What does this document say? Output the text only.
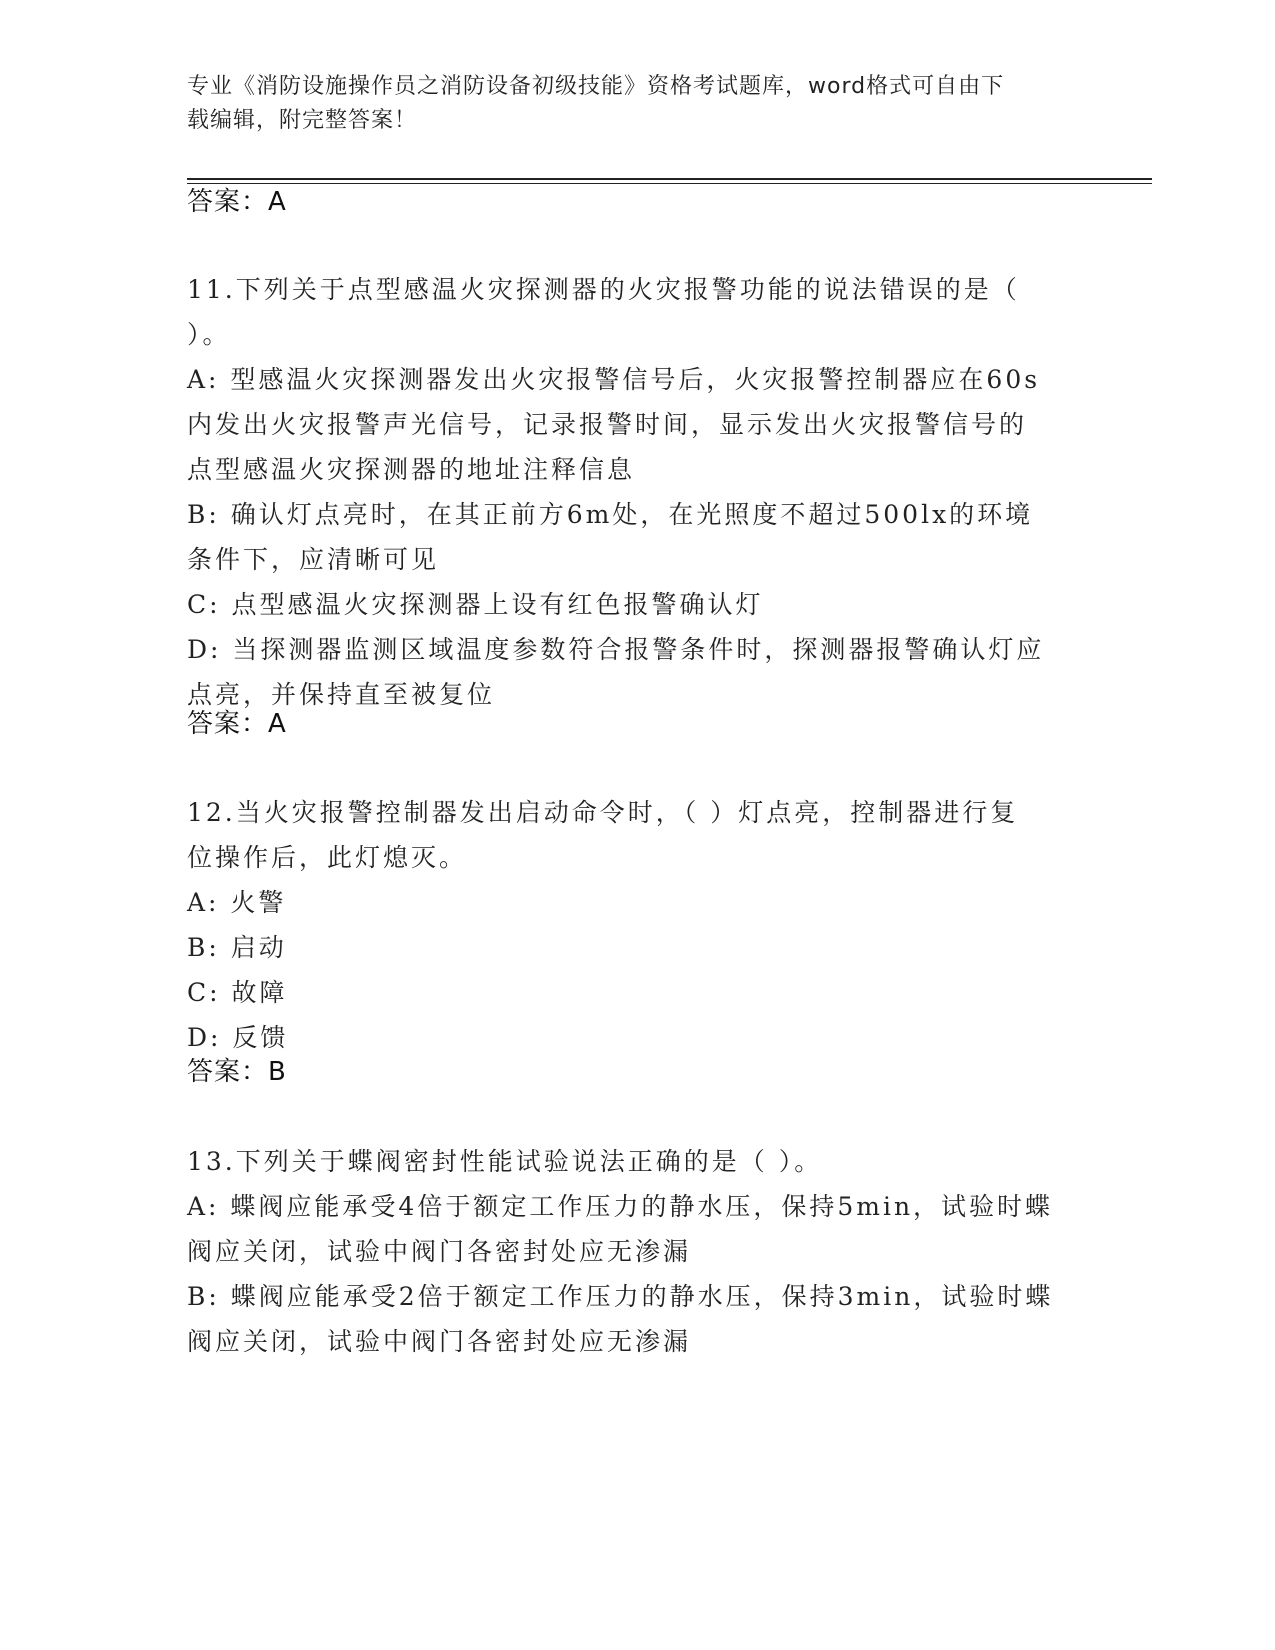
专业《消防设施操作员之消防设备初级技能》资格考试题库，word格式可自由下
载编辑，附完整答案！
答案：A
11.下列关于点型感温火灾探测器的火灾报警功能的说法错误的是（
）。
A: 型感温火灾探测器发出火灾报警信号后，火灾报警控制器应在60s
内发出火灾报警声光信号，记录报警时间，显示发出火灾报警信号的
点型感温火灾探测器的地址注释信息
B: 确认灯点亮时，在其正前方6m处，在光照度不超过500lx的环境
条件下，应清晰可见
C: 点型感温火灾探测器上设有红色报警确认灯
D: 当探测器监测区域温度参数符合报警条件时，探测器报警确认灯应
点亮，并保持直至被复位
答案：A
12.当火灾报警控制器发出启动命令时，（ ）灯点亮，控制器进行复
位操作后，此灯熄灭。
A: 火警
B: 启动
C: 故障
D: 反馈
答案：B
13.下列关于蝶阀密封性能试验说法正确的是（ ）。
A: 蝶阀应能承受4倍于额定工作压力的静水压，保持5min，试验时蝶
阀应关闭，试验中阀门各密封处应无渗漏
B: 蝶阀应能承受2倍于额定工作压力的静水压，保持3min，试验时蝶
阀应关闭，试验中阀门各密封处应无渗漏
